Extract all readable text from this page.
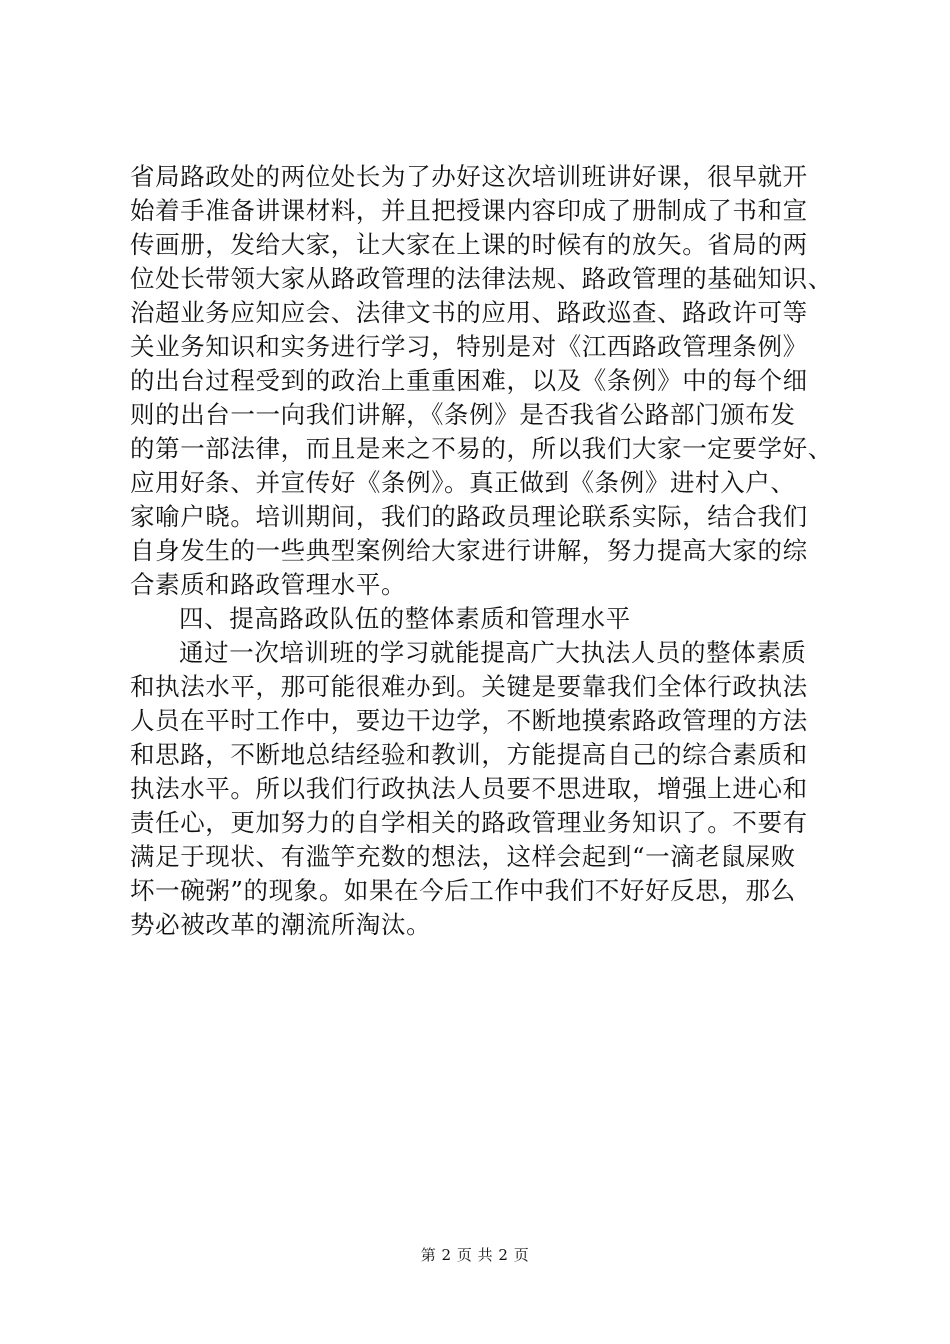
省局路政处的两位处长为了办好这次培训班讲好课，很早就开
始着手准备讲课材料，并且把授课内容印成了册制成了书和宣
传画册，发给大家，让大家在上课的时候有的放矢。省局的两
位处长带领大家从路政管理的法律法规、路政管理的基础知识、
治超业务应知应会、法律文书的应用、路政巡查、路政许可等
关业务知识和实务进行学习，特别是对《江西路政管理条例》
的出台过程受到的政治上重重困难，以及《条例》中的每个细
则的出台一一向我们讲解，《条例》是否我省公路部门颁布发
的第一部法律，而且是来之不易的，所以我们大家一定要学好、
应用好条、并宣传好《条例》。真正做到《条例》进村入户、
家喻户晓。培训期间，我们的路政员理论联系实际，结合我们
自身发生的一些典型案例给大家进行讲解，努力提高大家的综
合素质和路政管理水平。
四、提高路政队伍的整体素质和管理水平
通过一次培训班的学习就能提高广大执法人员的整体素质
和执法水平，那可能很难办到。关键是要靠我们全体行政执法
人员在平时工作中，要边干边学，不断地摸索路政管理的方法
和思路，不断地总结经验和教训，方能提高自己的综合素质和
执法水平。所以我们行政执法人员要不思进取，增强上进心和
责任心，更加努力的自学相关的路政管理业务知识了。不要有
满足于现状、有滥竽充数的想法，这样会起到“一滴老鼠屎败
坏一碗粥”的现象。如果在今后工作中我们不好好反思，那么
势必被改革的潮流所淘汰。
第 2 页 共 2 页
